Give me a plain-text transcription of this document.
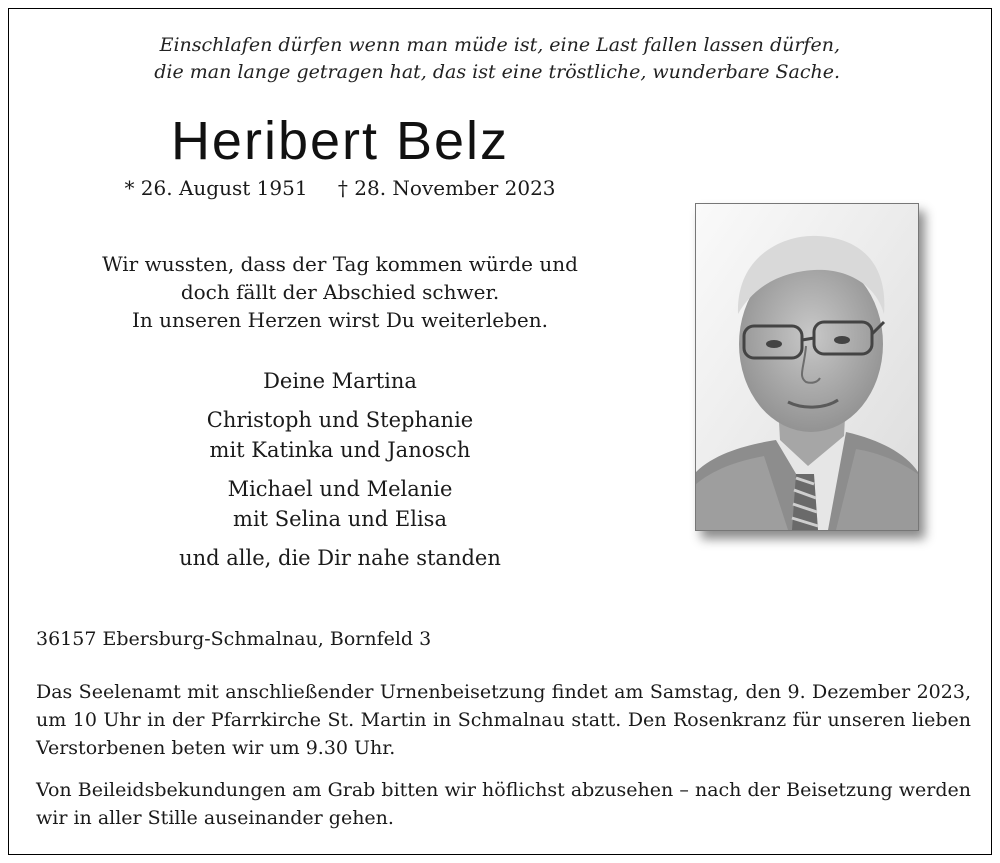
Einschlafen dürfen wenn man müde ist, eine Last fallen lassen dürfen,
die man lange getragen hat, das ist eine tröstliche, wunderbare Sache.
Heribert Belz
* 26. August 1951 † 28. November 2023
Wir wussten, dass der Tag kommen würde und
doch fällt der Abschied schwer.
In unseren Herzen wirst Du weiterleben.
Deine Martina
Christoph und Stephanie
mit Katinka und Janosch
Michael und Melanie
mit Selina und Elisa
und alle, die Dir nahe standen
36157 Ebersburg-Schmalnau, Bornfeld 3
Das Seelenamt mit anschließender Urnenbeisetzung findet am Samstag, den 9. Dezember 2023, um 10 Uhr in der Pfarrkirche St. Martin in Schmalnau statt. Den Rosenkranz für unseren lieben Verstorbenen beten wir um 9.30 Uhr.
Von Beileidsbekundungen am Grab bitten wir höflichst abzusehen – nach der Beisetzung werden wir in aller Stille auseinander gehen.
